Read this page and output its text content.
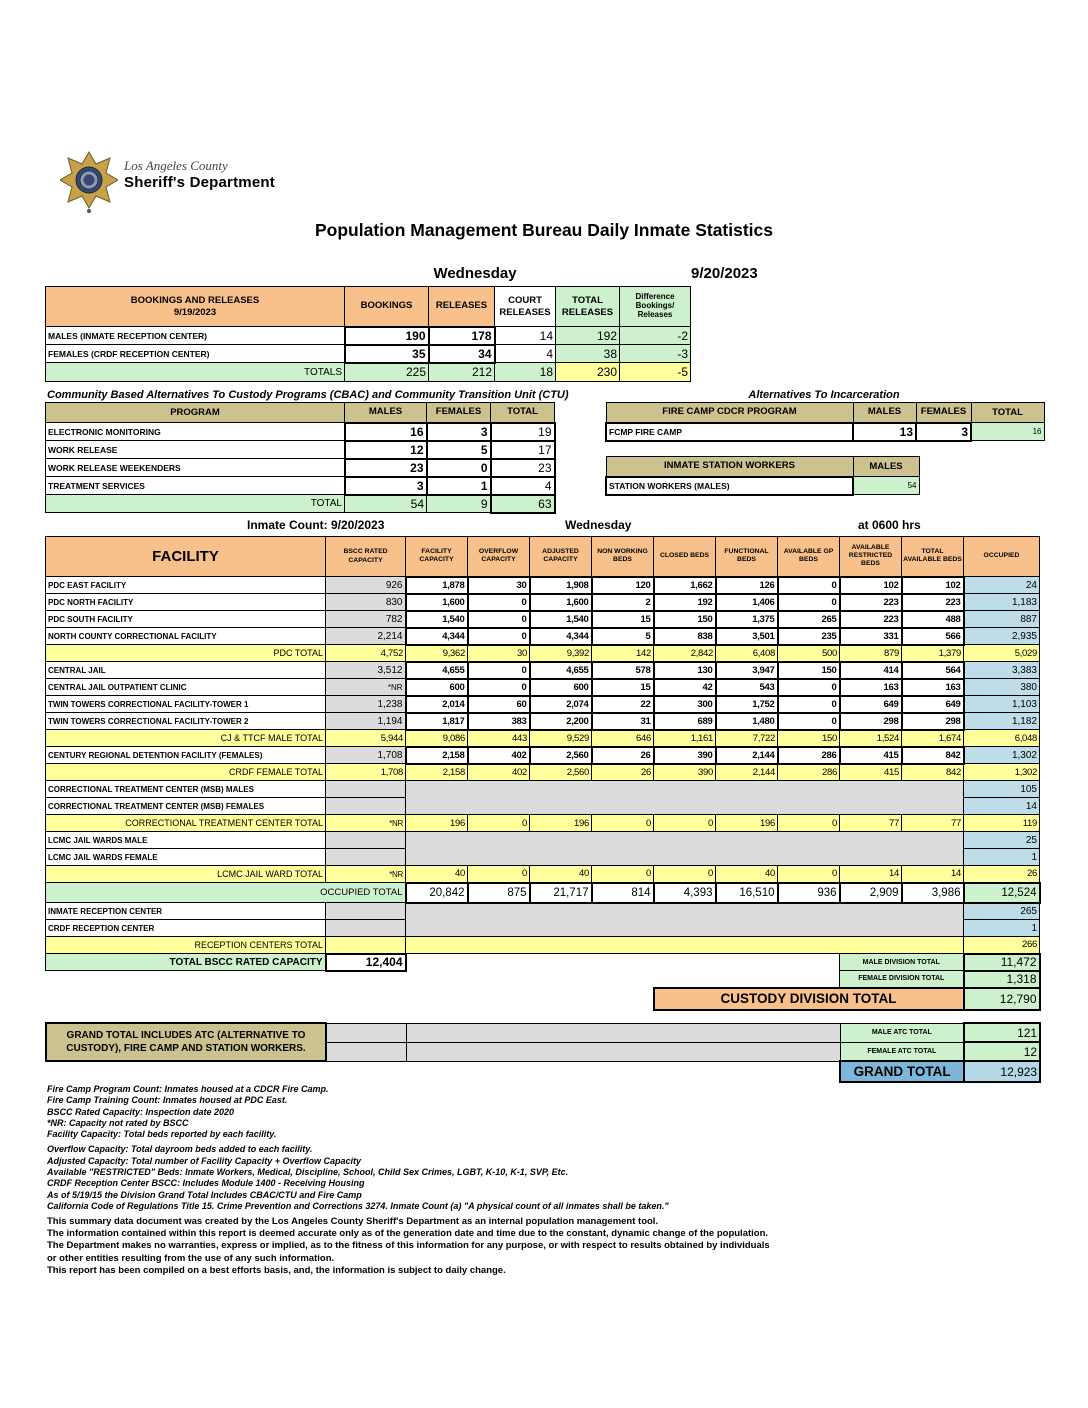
Los Angeles County
Sheriff's Department
Population Management Bureau Daily Inmate Statistics
Wednesday	9/20/2023
BOOKINGS AND RELEASES
9/19/2023	BOOKINGS	RELEASES	COURT RELEASES	TOTAL RELEASES	Difference Bookings/ Releases
MALES (INMATE RECEPTION CENTER)	190	178	14	192	-2
FEMALES (CRDF RECEPTION CENTER)	35	34	4	38	-3
TOTALS	225	212	18	230	-5
Community Based Alternatives To Custody Programs (CBAC) and Community Transition Unit (CTU)
PROGRAM	MALES	FEMALES	TOTAL
ELECTRONIC MONITORING	16	3	19
WORK RELEASE	12	5	17
WORK RELEASE WEEKENDERS	23	0	23
TREATMENT SERVICES	3	1	4
TOTAL	54	9	63
Alternatives To Incarceration
FIRE CAMP CDCR PROGRAM	MALES	FEMALES	TOTAL
FCMP FIRE CAMP	13	3	16
INMATE STATION WORKERS	MALES
STATION WORKERS (MALES)	54
Inmate Count: 9/20/2023	Wednesday	at 0600 hrs
FACILITY	BSCC RATED CAPACITY	FACILITY CAPACITY	OVERFLOW CAPACITY	ADJUSTED CAPACITY	NON WORKING BEDS	CLOSED BEDS	FUNCTIONAL BEDS	AVAILABLE GP BEDS	AVAILABLE RESTRICTED BEDS	TOTAL AVAILABLE BEDS	OCCUPIED
PDC EAST FACILITY	926	1,878	30	1,908	120	1,662	126	0	102	102	24
PDC NORTH FACILITY	830	1,600	0	1,600	2	192	1,406	0	223	223	1,183
PDC SOUTH FACILITY	782	1,540	0	1,540	15	150	1,375	265	223	488	887
NORTH COUNTY CORRECTIONAL FACILITY	2,214	4,344	0	4,344	5	838	3,501	235	331	566	2,935
PDC TOTAL	4,752	9,362	30	9,392	142	2,842	6,408	500	879	1,379	5,029
CENTRAL JAIL	3,512	4,655	0	4,655	578	130	3,947	150	414	564	3,383
CENTRAL JAIL OUTPATIENT CLINIC	*NR	600	0	600	15	42	543	0	163	163	380
TWIN TOWERS CORRECTIONAL FACILITY-TOWER 1	1,238	2,014	60	2,074	22	300	1,752	0	649	649	1,103
TWIN TOWERS CORRECTIONAL FACILITY-TOWER 2	1,194	1,817	383	2,200	31	689	1,480	0	298	298	1,182
CJ & TTCF MALE TOTAL	5,944	9,086	443	9,529	646	1,161	7,722	150	1,524	1,674	6,048
CENTURY REGIONAL DETENTION FACILITY (FEMALES)	1,708	2,158	402	2,560	26	390	2,144	286	415	842	1,302
CRDF FEMALE TOTAL	1,708	2,158	402	2,560	26	390	2,144	286	415	842	1,302
CORRECTIONAL TREATMENT CENTER (MSB) MALES											105
CORRECTIONAL TREATMENT CENTER (MSB) FEMALES											14
CORRECTIONAL TREATMENT CENTER TOTAL	*NR	196	0	196	0	0	196	0	77	77	119
LCMC JAIL WARDS MALE											25
LCMC JAIL WARDS FEMALE											1
LCMC JAIL WARD TOTAL	*NR	40	0	40	0	0	40	0	14	14	26
OCCUPIED TOTAL		20,842	875	21,717	814	4,393	16,510	936	2,909	3,986	12,524
INMATE RECEPTION CENTER											265
CRDF RECEPTION CENTER											1
RECEPTION CENTERS TOTAL											266
TOTAL BSCC RATED CAPACITY	12,404								MALE DIVISION TOTAL		11,472
									FEMALE DIVISION TOTAL		1,318
						CUSTODY DIVISION TOTAL					12,790
GRAND TOTAL INCLUDES ATC (ALTERNATIVE TO CUSTODY), FIRE CAMP AND STATION WORKERS.			MALE ATC TOTAL	121
			FEMALE ATC TOTAL	12
			GRAND TOTAL	12,923
Fire Camp Program Count: Inmates housed at a CDCR Fire Camp.
Fire Camp Training Count: Inmates housed at PDC East.
BSCC Rated Capacity: Inspection date 2020
*NR: Capacity not rated by BSCC
Facility Capacity: Total beds reported by each facility.
Overflow Capacity: Total dayroom beds added to each facility.
Adjusted Capacity: Total number of Facility Capacity + Overflow Capacity
Available "RESTRICTED" Beds: Inmate Workers, Medical, Discipline, School, Child Sex Crimes, LGBT, K-10, K-1, SVP, Etc.
CRDF Reception Center BSCC: Includes Module 1400 - Receiving Housing
As of 5/19/15 the Division Grand Total Includes CBAC/CTU and Fire Camp
California Code of Regulations Title 15. Crime Prevention and Corrections 3274. Inmate Count (a) "A physical count of all inmates shall be taken."
This summary data document was created by the Los Angeles County Sheriff's Department as an internal population management tool.
The information contained within this report is deemed accurate only as of the generation date and time due to the constant, dynamic change of the population.
The Department makes no warranties, express or implied, as to the fitness of this information for any purpose, or with respect to results obtained by individuals
or other entities resulting from the use of any such information.
This report has been compiled on a best efforts basis, and, the information is subject to daily change.
